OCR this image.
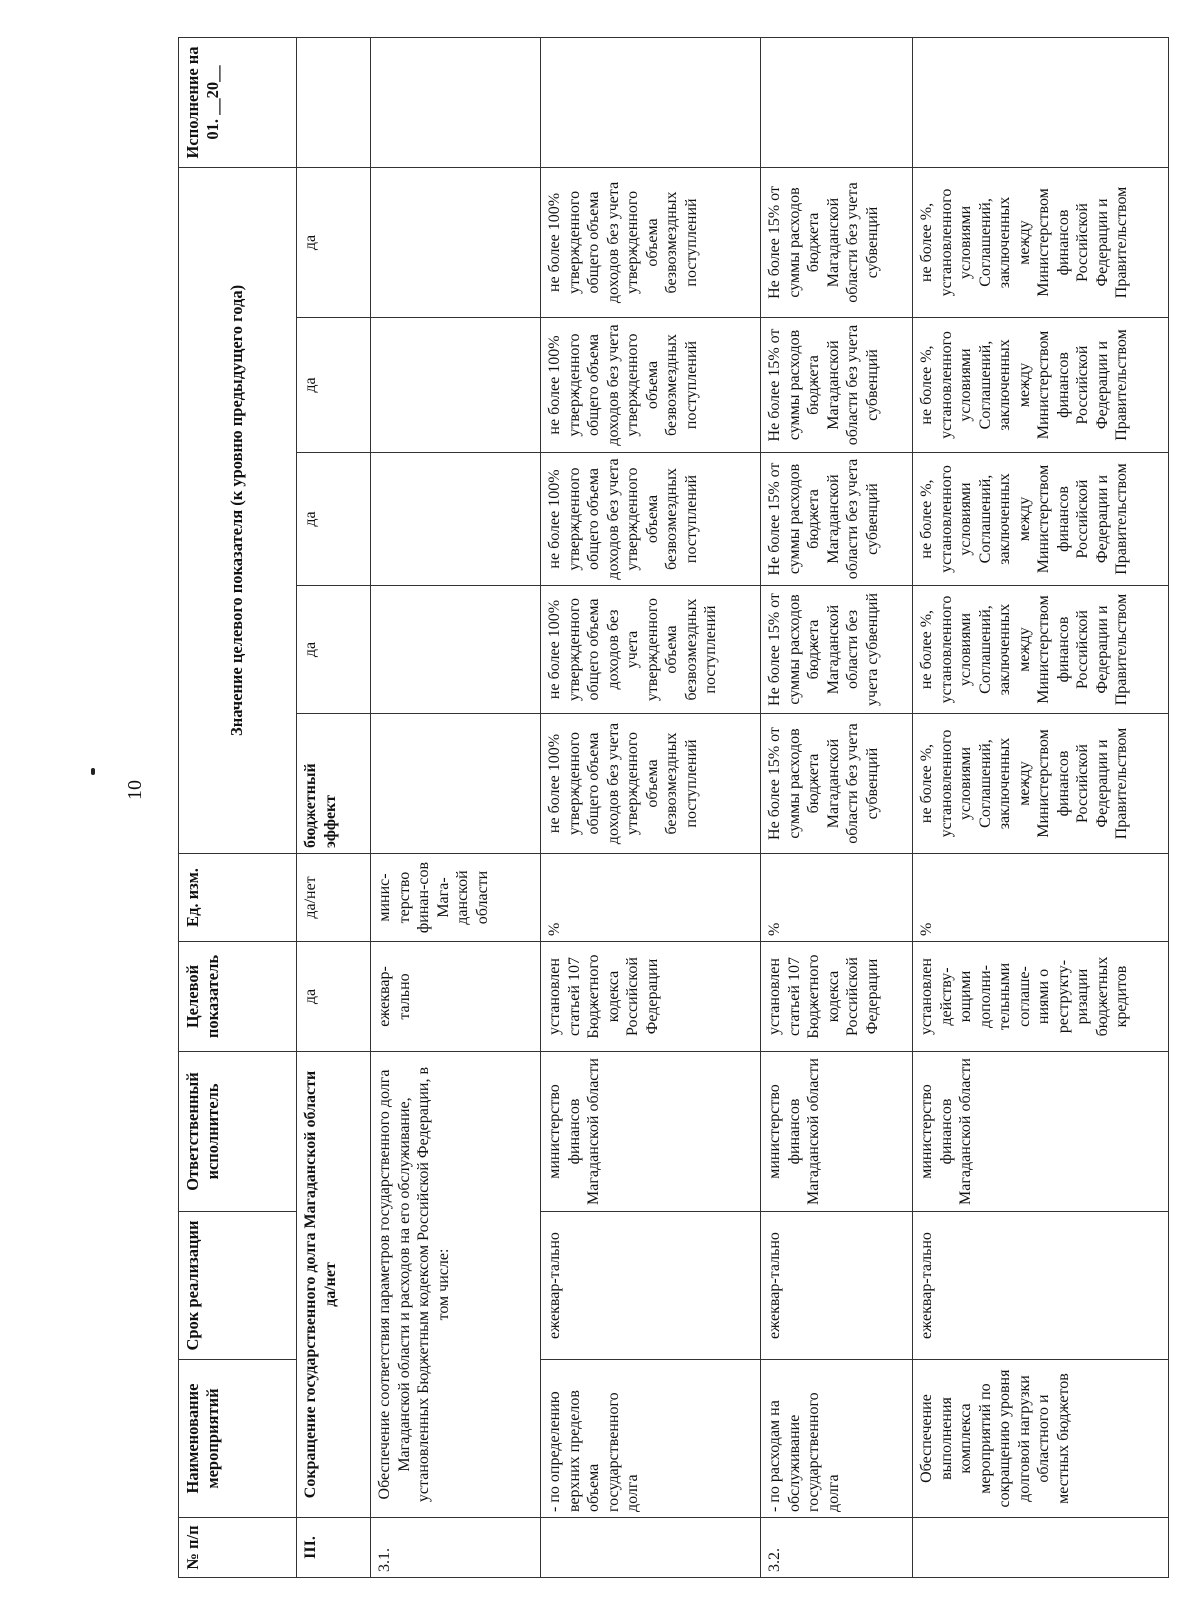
10
№ п/п	Наименование мероприятий	Срок реализации	Ответственный исполнитель	Целевой показатель	Ед. изм.	Значение целевого показателя (к уровню предыдущего года)					Исполнение на 01. __20__
III.	Сокращение государственного долга Магаданской области да/нет			да	да/нет	бюджетный эффект	да	да	да	да	
3.1.	Обеспечение соответствия параметров государственного долга Магаданской области и расходов на его обслуживание, установленных Бюджетным кодексом Российской Федерации, в том числе:			ежеквар-тально	минис-терство финан-сов Мага-данской области						
	- по определению верхних пределов объема государственного долга	ежеквар-тально	министерство финансов Магаданской области	установлен статьей 107 Бюджетного кодекса Российской Федерации	%	не более 100% утвержденного общего объема доходов без учета утвержденного объема безвозмездных поступлений	не более 100% утвержденного общего объема доходов без учета утвержденного объема безвозмездных поступлений	не более 100% утвержденного общего объема доходов без учета утвержденного объема безвозмездных поступлений	не более 100% утвержденного общего объема доходов без учета утвержденного объема безвозмездных поступлений	не более 100% утвержденного общего объема доходов без учета утвержденного объема безвозмездных поступлений	
3.2.	- по расходам на обслуживание государственного долга	ежеквар-тально	министерство финансов Магаданской области	установлен статьей 107 Бюджетного кодекса Российской Федерации	%	Не более 15% от суммы расходов бюджета Магаданской области без учета субвенций	Не более 15% от суммы расходов бюджета Магаданской области без учета субвенций	Не более 15% от суммы расходов бюджета Магаданской области без учета субвенций	Не более 15% от суммы расходов бюджета Магаданской области без учета субвенций	Не более 15% от суммы расходов бюджета Магаданской области без учета субвенций	
	Обеспечение выполнения комплекса мероприятий по сокращению уровня долговой нагрузки областного и местных бюджетов	ежеквар-тально	министерство финансов Магаданской области	установлен действу-ющими дополни-тельными соглаше-ниями о реструкту-ризации бюджетных кредитов	%	не более %, установленного условиями Соглашений, заключенных между Министерством финансов Российской Федерации и Правительством	не более %, установленного условиями Соглашений, заключенных между Министерством финансов Российской Федерации и Правительством	не более %, установленного условиями Соглашений, заключенных между Министерством финансов Российской Федерации и Правительством	не более %, установленного условиями Соглашений, заключенных между Министерством финансов Российской Федерации и Правительством	не более %, установленного условиями Соглашений, заключенных между Министерством финансов Российской Федерации и Правительством	
